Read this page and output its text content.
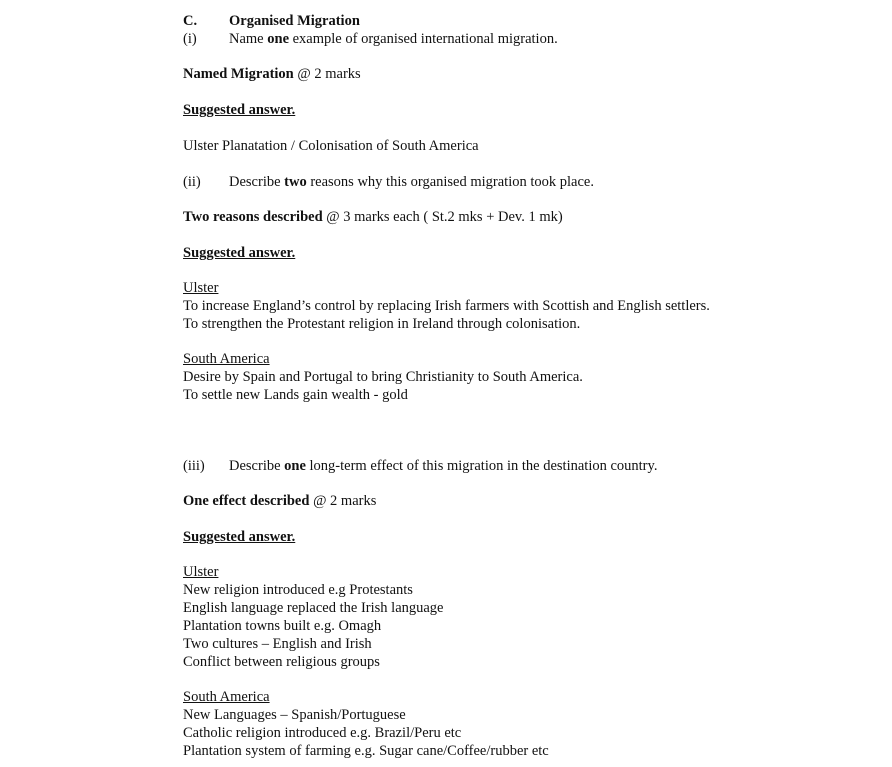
C. Organised Migration
(i) Name one example of organised international migration.
Named Migration @ 2 marks
Suggested answer.
Ulster Planatation / Colonisation of South America
(ii) Describe two reasons why this organised migration took place.
Two reasons described @ 3 marks each ( St.2 mks + Dev. 1 mk)
Suggested answer.
Ulster
To increase England’s control by replacing Irish farmers with Scottish and English settlers.
To strengthen the Protestant religion in Ireland through colonisation.
South America
Desire by Spain and Portugal to bring Christianity to South America.
To settle new Lands gain wealth - gold
(iii) Describe one long-term effect of this migration in the destination country.
One effect described @ 2 marks
Suggested answer.
Ulster
New religion introduced e.g Protestants
English language replaced the Irish language
Plantation towns built e.g. Omagh
Two cultures – English and Irish
Conflict between religious groups
South America
New Languages – Spanish/Portuguese
Catholic religion introduced e.g. Brazil/Peru etc
Plantation system of farming e.g. Sugar cane/Coffee/rubber etc
